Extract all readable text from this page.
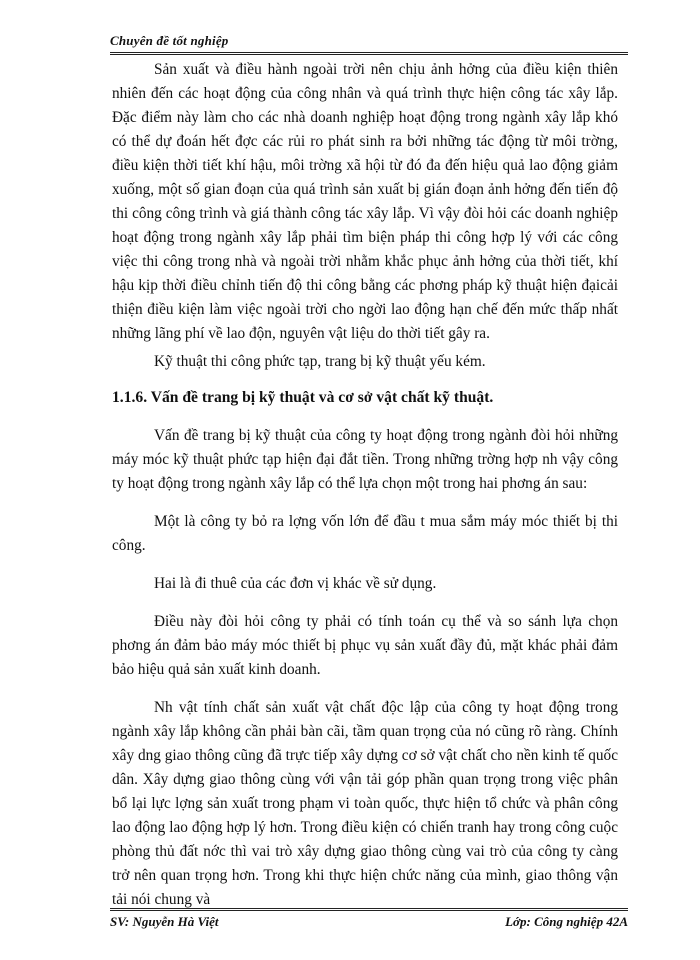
Chuyên đề tốt nghiệp

Sản xuất và điều hành ngoài trời nên chịu ảnh hởng của điều kiện thiên nhiên đến các hoạt động của công nhân và quá trình thực hiện công tác xây lắp. Đặc điểm này làm cho các nhà doanh nghiệp hoạt động trong ngành xây lắp khó có thể dự đoán hết đợc các rủi ro phát sinh ra bởi những tác động từ môi trờng, điều kiện thời tiết khí hậu, môi trờng xã hội từ đó đa đến hiệu quả lao động giảm xuống, một số gian đoạn của quá trình sản xuất bị gián đoạn ảnh hởng đến tiến độ thi công công trình và giá thành công tác xây lắp. Vì vậy đòi hỏi các doanh nghiệp hoạt động trong ngành xây lắp phải tìm biện pháp thi công hợp lý với các công việc thi công trong nhà và ngoài trời nhằm khắc phục ảnh hởng của thời tiết, khí hậu kịp thời điều chỉnh tiến độ thi công bằng các phơng pháp kỹ thuật hiện đạicải thiện điều kiện làm việc ngoài trời cho ngời lao động hạn chế đến mức thấp nhất những lãng phí về lao độn, nguyên vật liệu do thời tiết gây ra.

Kỹ thuật thi công phức tạp, trang bị kỹ thuật yếu kém.

1.1.6. Vấn đề trang bị kỹ thuật và cơ sở vật chất kỹ thuật.

Vấn đề trang bị kỹ thuật của công ty hoạt động trong ngành đòi hỏi những máy móc kỹ thuật phức tạp hiện đại đắt tiền. Trong những trờng hợp nh vậy công ty hoạt động trong ngành xây lắp có thể lựa chọn một trong hai phơng án sau:

Một là công ty bỏ ra lợng vốn lớn để đầu t mua sắm máy móc thiết bị thi công.

Hai là đi thuê của các đơn vị khác về sử dụng.

Điều này đòi hỏi công ty phải có tính toán cụ thể và so sánh lựa chọn phơng án đảm bảo máy móc thiết bị phục vụ sản xuất đầy đủ, mặt khác phải đảm bảo hiệu quả sản xuất kinh doanh.

Nh vật tính chất sản xuất vật chất độc lập của công ty hoạt động trong ngành xây lắp không cần phải bàn cãi, tầm quan trọng của nó cũng rõ ràng. Chính xây dng giao thông cũng đã trực tiếp xây dựng cơ sở vật chất cho nền kinh tế quốc dân. Xây dựng giao thông cùng với vận tải góp phần quan trọng trong việc phân bổ lại lực lợng sản xuất trong phạm vi toàn quốc, thực hiện tổ chức và phân công lao động lao động hợp lý hơn. Trong điều kiện có chiến tranh hay trong công cuộc phòng thủ đất nớc thì vai trò xây dựng giao thông cùng vai trò của công ty càng trở nên quan trọng hơn. Trong khi thực hiện chức năng của mình, giao thông vận tải nói chung và

SV: Nguyễn Hà Việt	Lớp: Công nghiệp 42A
